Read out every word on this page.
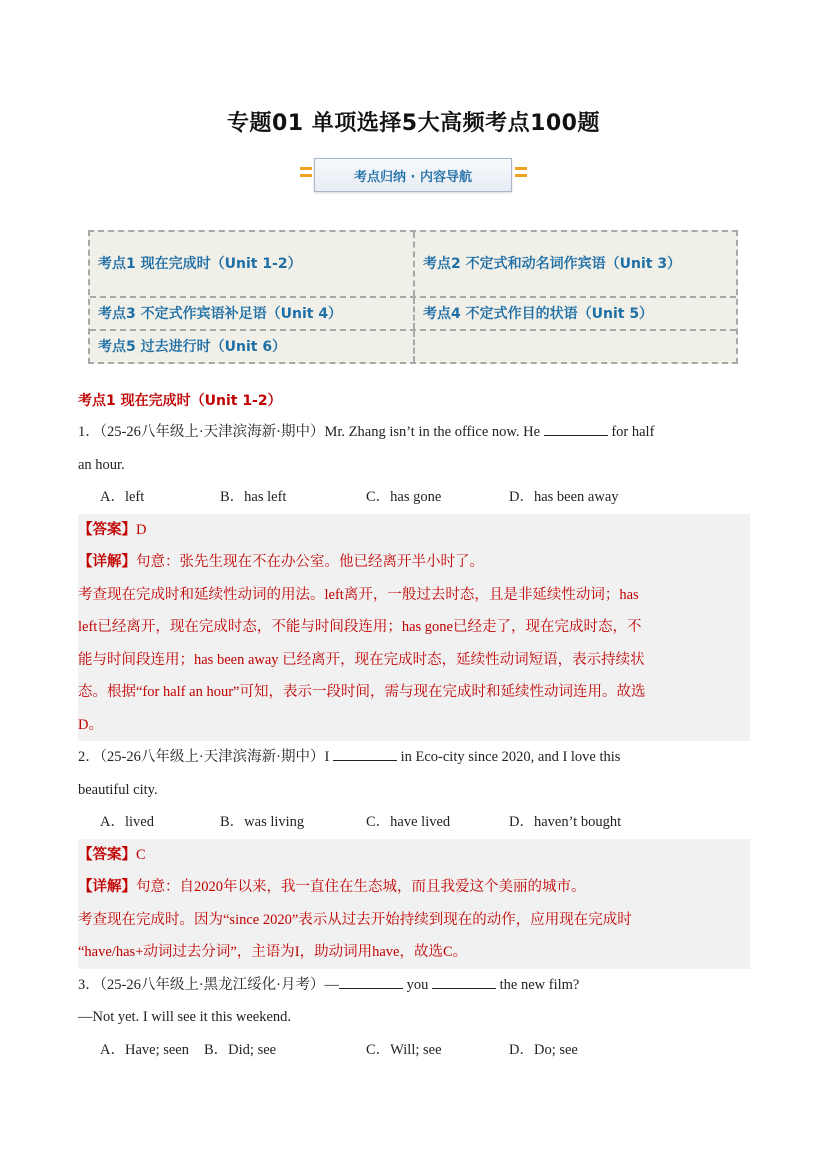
专题01 单项选择5大高频考点100题
考点归纳 · 内容导航
考点1 现在完成时（Unit 1-2）	考点2 不定式和动名词作宾语（Unit 3）
考点3 不定式作宾语补足语（Unit 4）	考点4 不定式作目的状语（Unit 5）
考点5 过去进行时（Unit 6）
考点1 现在完成时（Unit 1-2）
1．（25-26八年级上·天津滨海新·期中）Mr. Zhang isn’t in the office now. He	for half
an hour.
A．left	B．has left	C．has gone	D．has been away
【答案】D
【详解】句意：张先生现在不在办公室。他已经离开半小时了。
考查现在完成时和延续性动词的用法。left离开，一般过去时态，且是非延续性动词；has
left已经离开，现在完成时态，不能与时间段连用；has gone已经走了，现在完成时态，不
能与时间段连用；has been away 已经离开，现在完成时态，延续性动词短语，表示持续状
态。根据“for half an hour”可知，表示一段时间，需与现在完成时和延续性动词连用。故选
D。
2．（25-26八年级上·天津滨海新·期中）I	in Eco-city since 2020, and I love this
beautiful city.
A．lived	B．was living	C．have lived	D．haven’t bought
【答案】C
【详解】句意：自2020年以来，我一直住在生态城，而且我爱这个美丽的城市。
考查现在完成时。因为“since 2020”表示从过去开始持续到现在的动作，应用现在完成时
“have/has+动词过去分词”，主语为I，助动词用have，故选C。
3．（25-26八年级上·黑龙江绥化·月考）—	you	the new film?
—Not yet. I will see it this weekend.
A．Have; seen	B．Did; see	C．Will; see	D．Do; see
